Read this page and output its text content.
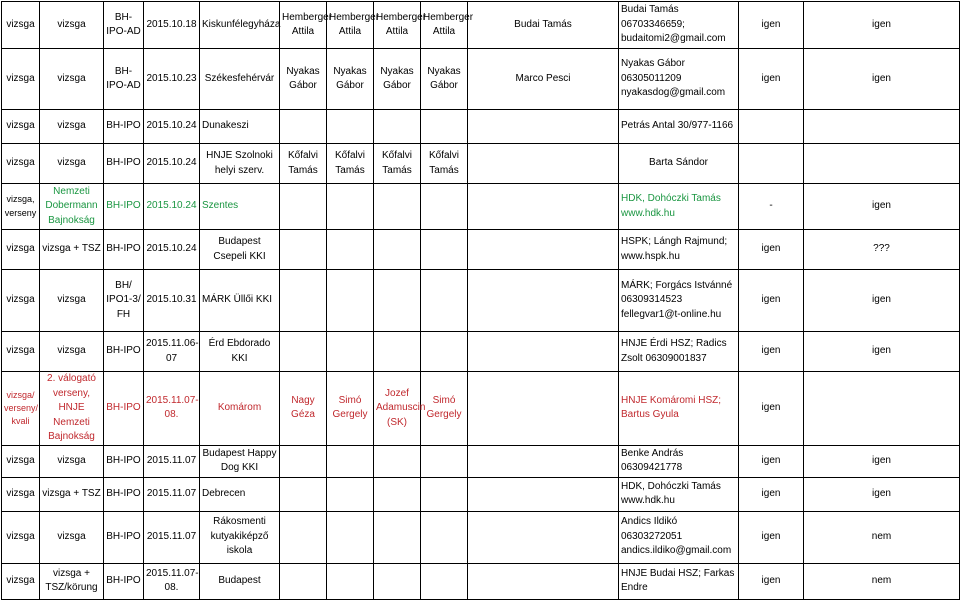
vizsga	vizsga	BH-IPO-AD	2015.10.18	Kiskunfélegyháza	Hemberger Attila	Hemberger Attila	Hemberger Attila	Hemberger Attila	Budai Tamás	Budai Tamás 06703346659; budaitomi2@gmail.com	igen	igen
vizsga	vizsga	BH-IPO-AD	2015.10.23	Székesfehérvár	Nyakas Gábor	Nyakas Gábor	Nyakas Gábor	Nyakas Gábor	Marco Pesci	Nyakas Gábor 06305011209 nyakasdog@gmail.com	igen	igen
vizsga	vizsga	BH-IPO	2015.10.24	Dunakeszi						Petrás Antal 30/977-1166		
vizsga	vizsga	BH-IPO	2015.10.24	HNJE Szolnoki helyi szerv.	Kőfalvi Tamás	Kőfalvi Tamás	Kőfalvi Tamás	Kőfalvi Tamás		Barta Sándor		
vizsga, verseny	Nemzeti Dobermann Bajnokság	BH-IPO	2015.10.24	Szentes						HDK, Dohóczki Tamás www.hdk.hu	-	igen
vizsga	vizsga + TSZ	BH-IPO	2015.10.24	Budapest Csepeli KKI						HSPK; Lángh Rajmund; www.hspk.hu	igen	???
vizsga	vizsga	BH/ IPO1-3/ FH	2015.10.31	MÁRK Üllői KKI						MÁRK; Forgács Istvánné 06309314523 fellegvar1@t-online.hu	igen	igen
vizsga	vizsga	BH-IPO	2015.11.06-07	Érd Ebdorado KKI						HNJE Érdi HSZ; Radics Zsolt 06309001837	igen	igen
vizsga/ verseny/ kvali	2. válogató verseny, HNJE Nemzeti Bajnokság	BH-IPO	2015.11.07-08.	Komárom	Nagy Géza	Simó Gergely	Jozef Adamuscin (SK)	Simó Gergely		HNJE Komáromi HSZ; Bartus Gyula	igen	
vizsga	vizsga	BH-IPO	2015.11.07	Budapest Happy Dog KKI						Benke András 06309421778	igen	igen
vizsga	vizsga + TSZ	BH-IPO	2015.11.07	Debrecen						HDK, Dohóczki Tamás www.hdk.hu	igen	igen
vizsga	vizsga	BH-IPO	2015.11.07	Rákosmenti kutyakiképző iskola						Andics Ildikó 06303272051 andics.ildiko@gmail.com	igen	nem
vizsga	vizsga + TSZ/körung	BH-IPO	2015.11.07-08.	Budapest						HNJE Budai HSZ; Farkas Endre	igen	nem
